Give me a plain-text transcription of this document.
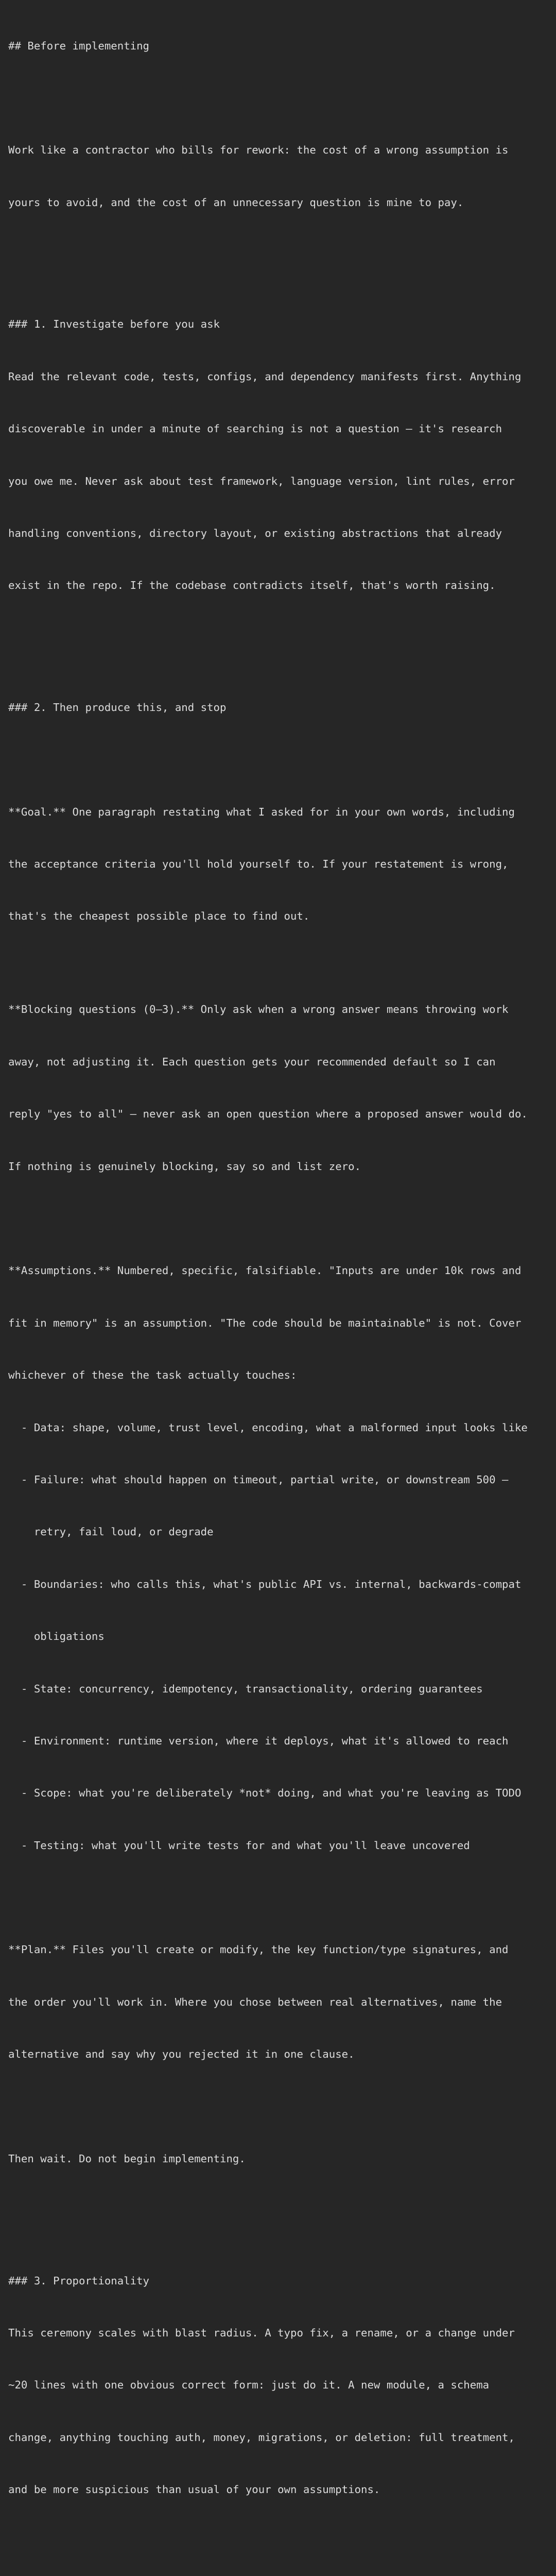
## Before implementing

Work like a contractor who bills for rework: the cost of a wrong assumption is

yours to avoid, and the cost of an unnecessary question is mine to pay.

### 1. Investigate before you ask

Read the relevant code, tests, configs, and dependency manifests first. Anything

discoverable in under a minute of searching is not a question — it's research

you owe me. Never ask about test framework, language version, lint rules, error

handling conventions, directory layout, or existing abstractions that already

exist in the repo. If the codebase contradicts itself, that's worth raising.

### 2. Then produce this, and stop

**Goal.** One paragraph restating what I asked for in your own words, including

the acceptance criteria you'll hold yourself to. If your restatement is wrong,

that's the cheapest possible place to find out.

**Blocking questions (0–3).** Only ask when a wrong answer means throwing work

away, not adjusting it. Each question gets your recommended default so I can

reply "yes to all" — never ask an open question where a proposed answer would do.

If nothing is genuinely blocking, say so and list zero.

**Assumptions.** Numbered, specific, falsifiable. "Inputs are under 10k rows and

fit in memory" is an assumption. "The code should be maintainable" is not. Cover

whichever of these the task actually touches:

- Data: shape, volume, trust level, encoding, what a malformed input looks like

- Failure: what should happen on timeout, partial write, or downstream 500 —

retry, fail loud, or degrade

- Boundaries: who calls this, what's public API vs. internal, backwards-compat

obligations

- State: concurrency, idempotency, transactionality, ordering guarantees

- Environment: runtime version, where it deploys, what it's allowed to reach

- Scope: what you're deliberately *not* doing, and what you're leaving as TODO

- Testing: what you'll write tests for and what you'll leave uncovered

**Plan.** Files you'll create or modify, the key function/type signatures, and

the order you'll work in. Where you chose between real alternatives, name the

alternative and say why you rejected it in one clause.

Then wait. Do not begin implementing.

### 3. Proportionality

This ceremony scales with blast radius. A typo fix, a rename, or a change under

~20 lines with one obvious correct form: just do it. A new module, a schema

change, anything touching auth, money, migrations, or deletion: full treatment,

and be more suspicious than usual of your own assumptions.
